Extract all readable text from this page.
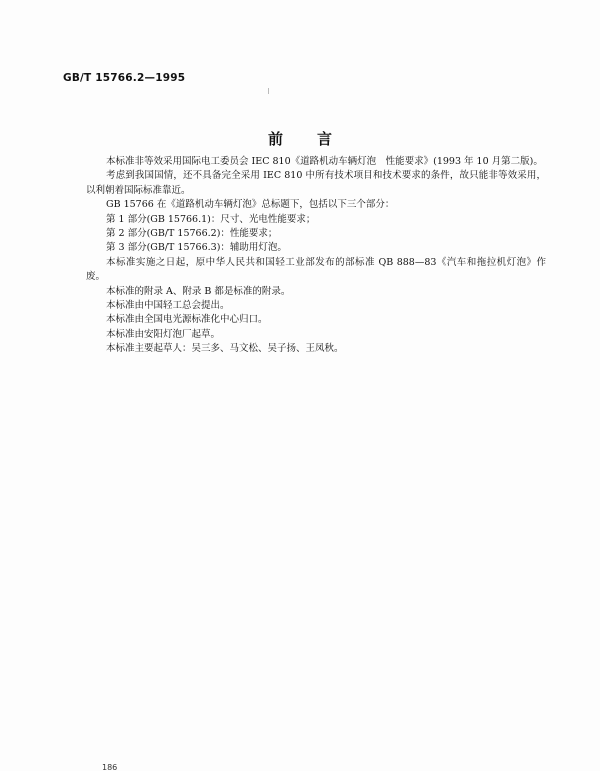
GB/T 15766.2—1995
前言

本标准非等效采用国际电工委员会 IEC 810《道路机动车辆灯泡　性能要求》(1993 年 10 月第二版)。

考虑到我国国情，还不具备完全采用 IEC 810 中所有技术项目和技术要求的条件，故只能非等效采用，以利朝着国际标准靠近。

GB 15766 在《道路机动车辆灯泡》总标题下，包括以下三个部分：

第 1 部分(GB 15766.1)：尺寸、光电性能要求；

第 2 部分(GB/T 15766.2)：性能要求；

第 3 部分(GB/T 15766.3)：辅助用灯泡。

本标准实施之日起，原中华人民共和国轻工业部发布的部标准 QB 888—83《汽车和拖拉机灯泡》作废。

本标准的附录 A、附录 B 都是标准的附录。

本标准由中国轻工总会提出。

本标准由全国电光源标准化中心归口。

本标准由安阳灯泡厂起草。

本标准主要起草人：吴三多、马文松、吴子扬、王凤秋。

186
